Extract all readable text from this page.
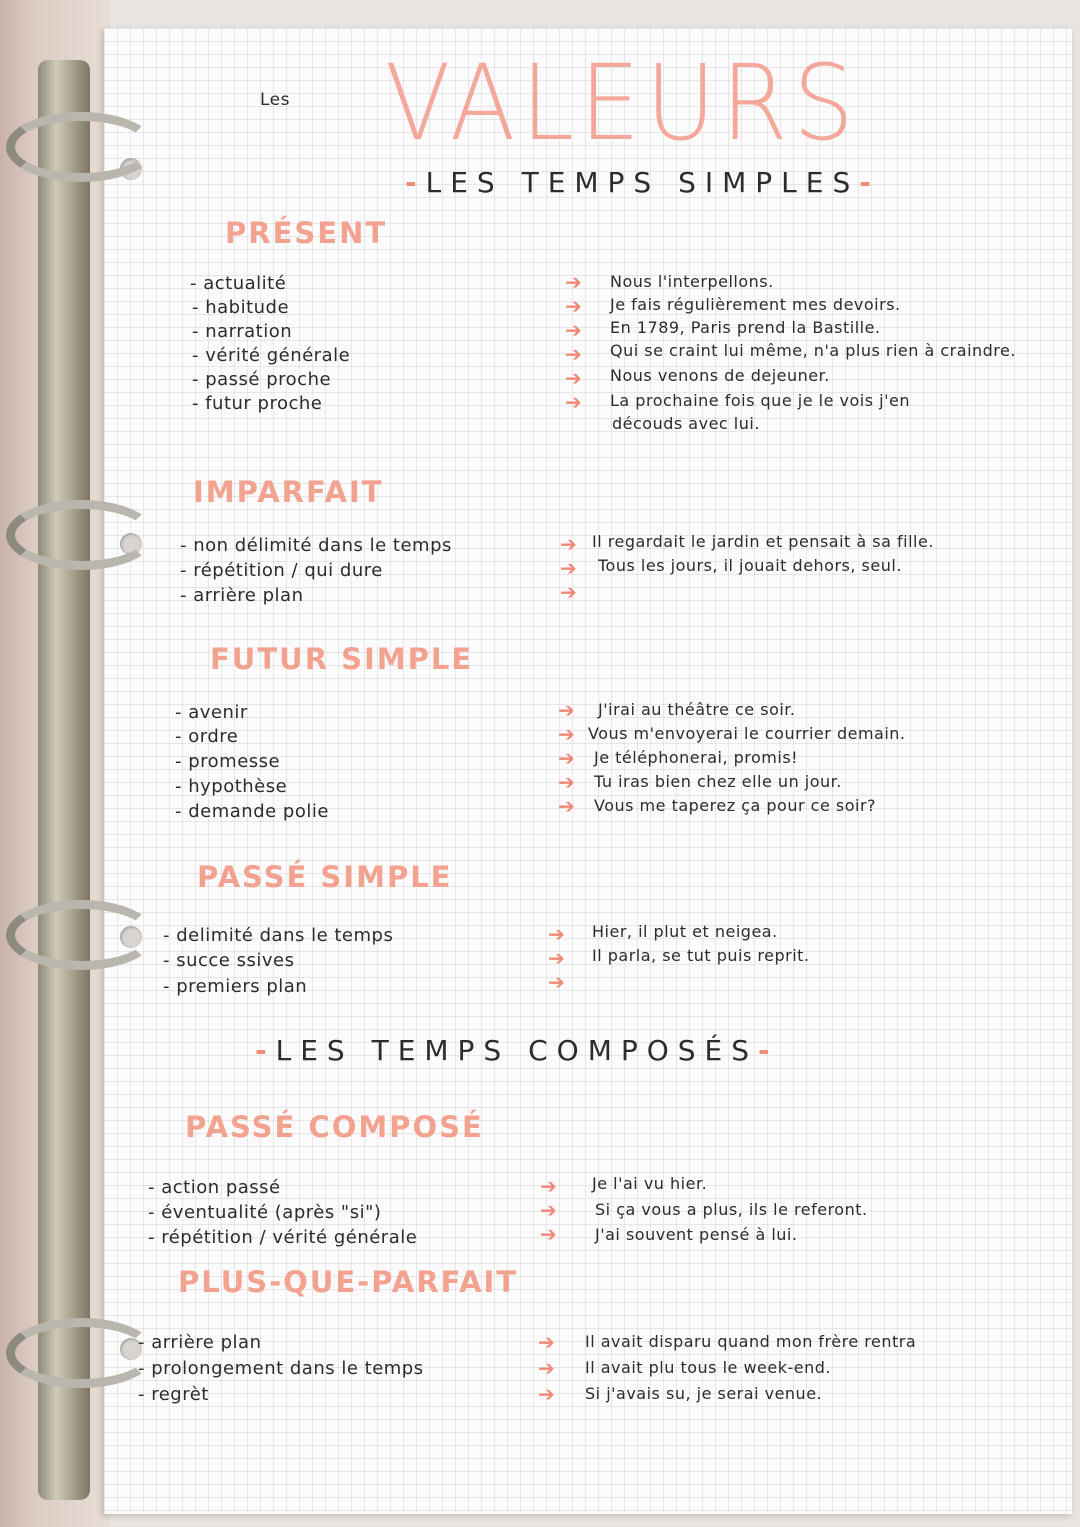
Les VALEURS
-LES TEMPS SIMPLES-
PRÉSENT
- actualité
- habitude
- narration
- vérité générale
- passé proche
- futur proche
➔
➔
➔
➔
➔
➔
Nous l'interpellons.
Je fais régulièrement mes devoirs.
En 1789, Paris prend la Bastille.
Qui se craint lui même, n'a plus rien à craindre.
Nous venons de dejeuner.
La prochaine fois que je le vois j'en
découds avec lui.
IMPARFAIT
- non délimité dans le temps
- répétition / qui dure
- arrière plan
➔
➔
➔
Il regardait le jardin et pensait à sa fille.
Tous les jours, il jouait dehors, seul.
FUTUR SIMPLE
- avenir
- ordre
- promesse
- hypothèse
- demande polie
➔
➔
➔
➔
➔
J'irai au théâtre ce soir.
Vous m'envoyerai le courrier demain.
Je téléphonerai, promis!
Tu iras bien chez elle un jour.
Vous me taperez ça pour ce soir?
PASSÉ SIMPLE
- delimité dans le temps
- succe ssives
- premiers plan
➔
➔
➔
Hier, il plut et neigea.
Il parla, se tut puis reprit.
-LES TEMPS COMPOSÉS-
PASSÉ COMPOSÉ
- action passé
- éventualité (après "si")
- répétition / vérité générale
➔
➔
➔
Je l'ai vu hier.
Si ça vous a plus, ils le referont.
J'ai souvent pensé à lui.
PLUS-QUE-PARFAIT
- arrière plan
- prolongement dans le temps
- regrèt
➔
➔
➔
Il avait disparu quand mon frère rentra
Il avait plu tous le week-end.
Si j'avais su, je serai venue.
